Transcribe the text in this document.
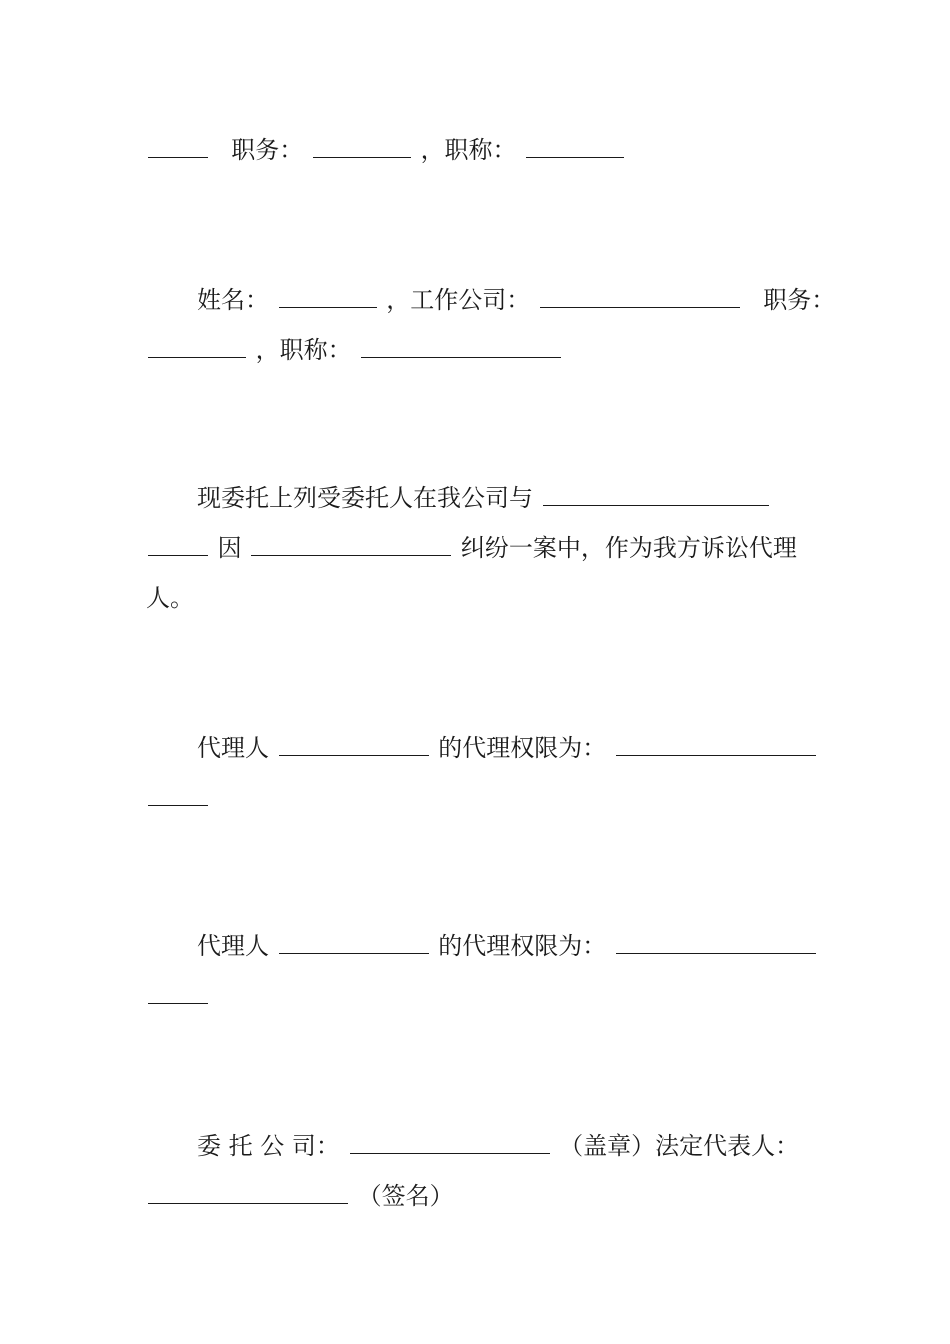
职务：	，职称：
姓名：	，工作公司：	职务：
，职称：
现委托上列受委托人在我公司与
因	纠纷一案中，作为我方诉讼代理
人。
代理人	的代理权限为：
代理人	的代理权限为：
委 托 公 司：	（盖章）法定代表人：
（签名）
